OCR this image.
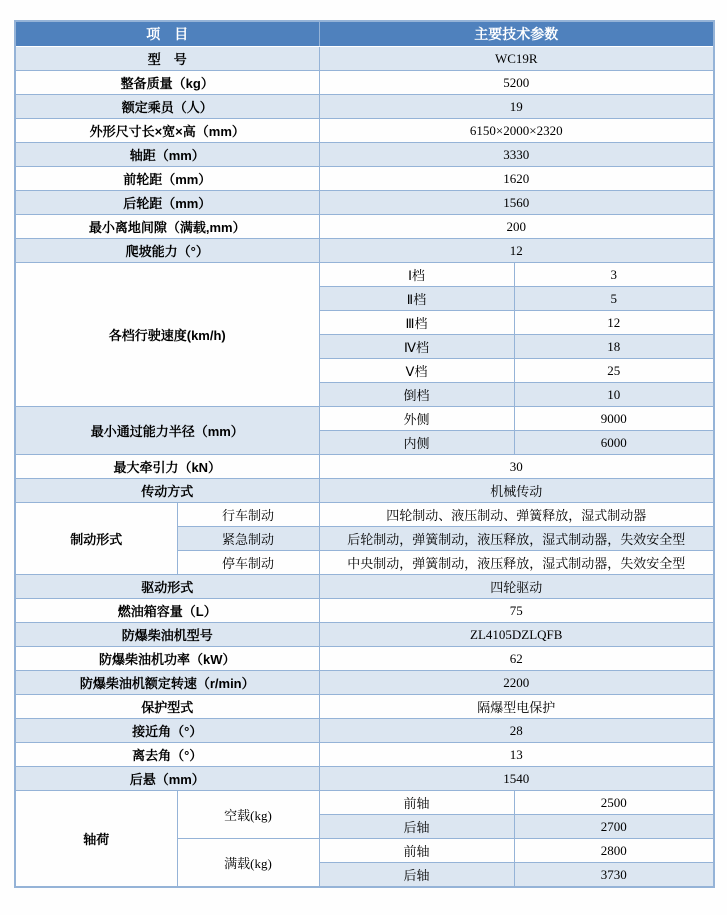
项　目		主要技术参数	
型　号		WC19R	
整备质量（kg）		5200	
额定乘员（人）		19	
外形尺寸长×宽×高（mm）		6150×2000×2320	
轴距（mm）		3330	
前轮距（mm）		1620	
后轮距（mm）		1560	
最小离地间隙（满载,mm）		200	
爬坡能力（°）		12	
各档行驶速度(km/h)		Ⅰ档	3
		Ⅱ档	5
		Ⅲ档	12
		Ⅳ档	18
		Ⅴ档	25
		倒档	10
最小通过能力半径（mm）		外侧	9000
		内侧	6000
最大牵引力（kN）		30	
传动方式		机械传动	
制动形式	行车制动	四轮制动、液压制动、弹簧释放，湿式制动器	
	紧急制动	后轮制动，弹簧制动，液压释放，湿式制动器，失效安全型	
	停车制动	中央制动，弹簧制动，液压释放，湿式制动器，失效安全型	
驱动形式		四轮驱动	
燃油箱容量（L）		75	
防爆柴油机型号		ZL4105DZLQFB	
防爆柴油机功率（kW）		62	
防爆柴油机额定转速（r/min）		2200	
保护型式		隔爆型电保护	
接近角（°）		28	
离去角（°）		13	
后悬（mm）		1540	
轴荷	空载(kg)	前轴	2500
		后轴	2700
	满载(kg)	前轴	2800
		后轴	3730
